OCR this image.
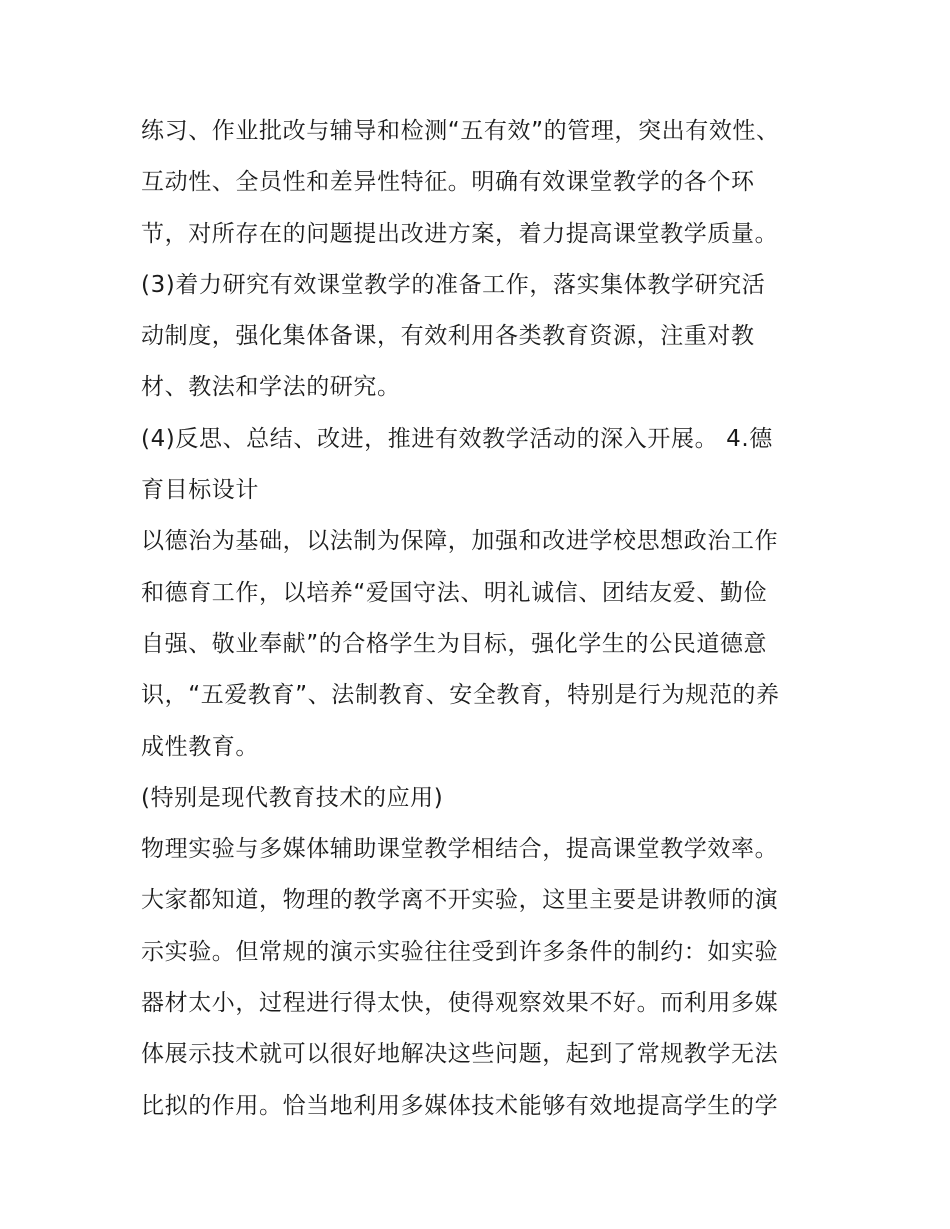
练习、作业批改与辅导和检测“五有效”的管理，突出有效性、
互动性、全员性和差异性特征。明确有效课堂教学的各个环
节，对所存在的问题提出改进方案，着力提高课堂教学质量。
(3)着力研究有效课堂教学的准备工作，落实集体教学研究活
动制度，强化集体备课，有效利用各类教育资源，注重对教
材、教法和学法的研究。
(4)反思、总结、改进，推进有效教学活动的深入开展。 4.德
育目标设计
以德治为基础，以法制为保障，加强和改进学校思想政治工作
和德育工作，以培养“爱国守法、明礼诚信、团结友爱、勤俭
自强、敬业奉献”的合格学生为目标，强化学生的公民道德意
识，“五爱教育”、法制教育、安全教育，特别是行为规范的养
成性教育。
(特别是现代教育技术的应用)
物理实验与多媒体辅助课堂教学相结合，提高课堂教学效率。
大家都知道，物理的教学离不开实验，这里主要是讲教师的演
示实验。但常规的演示实验往往受到许多条件的制约：如实验
器材太小，过程进行得太快，使得观察效果不好。而利用多媒
体展示技术就可以很好地解决这些问题，起到了常规教学无法
比拟的作用。恰当地利用多媒体技术能够有效地提高学生的学
